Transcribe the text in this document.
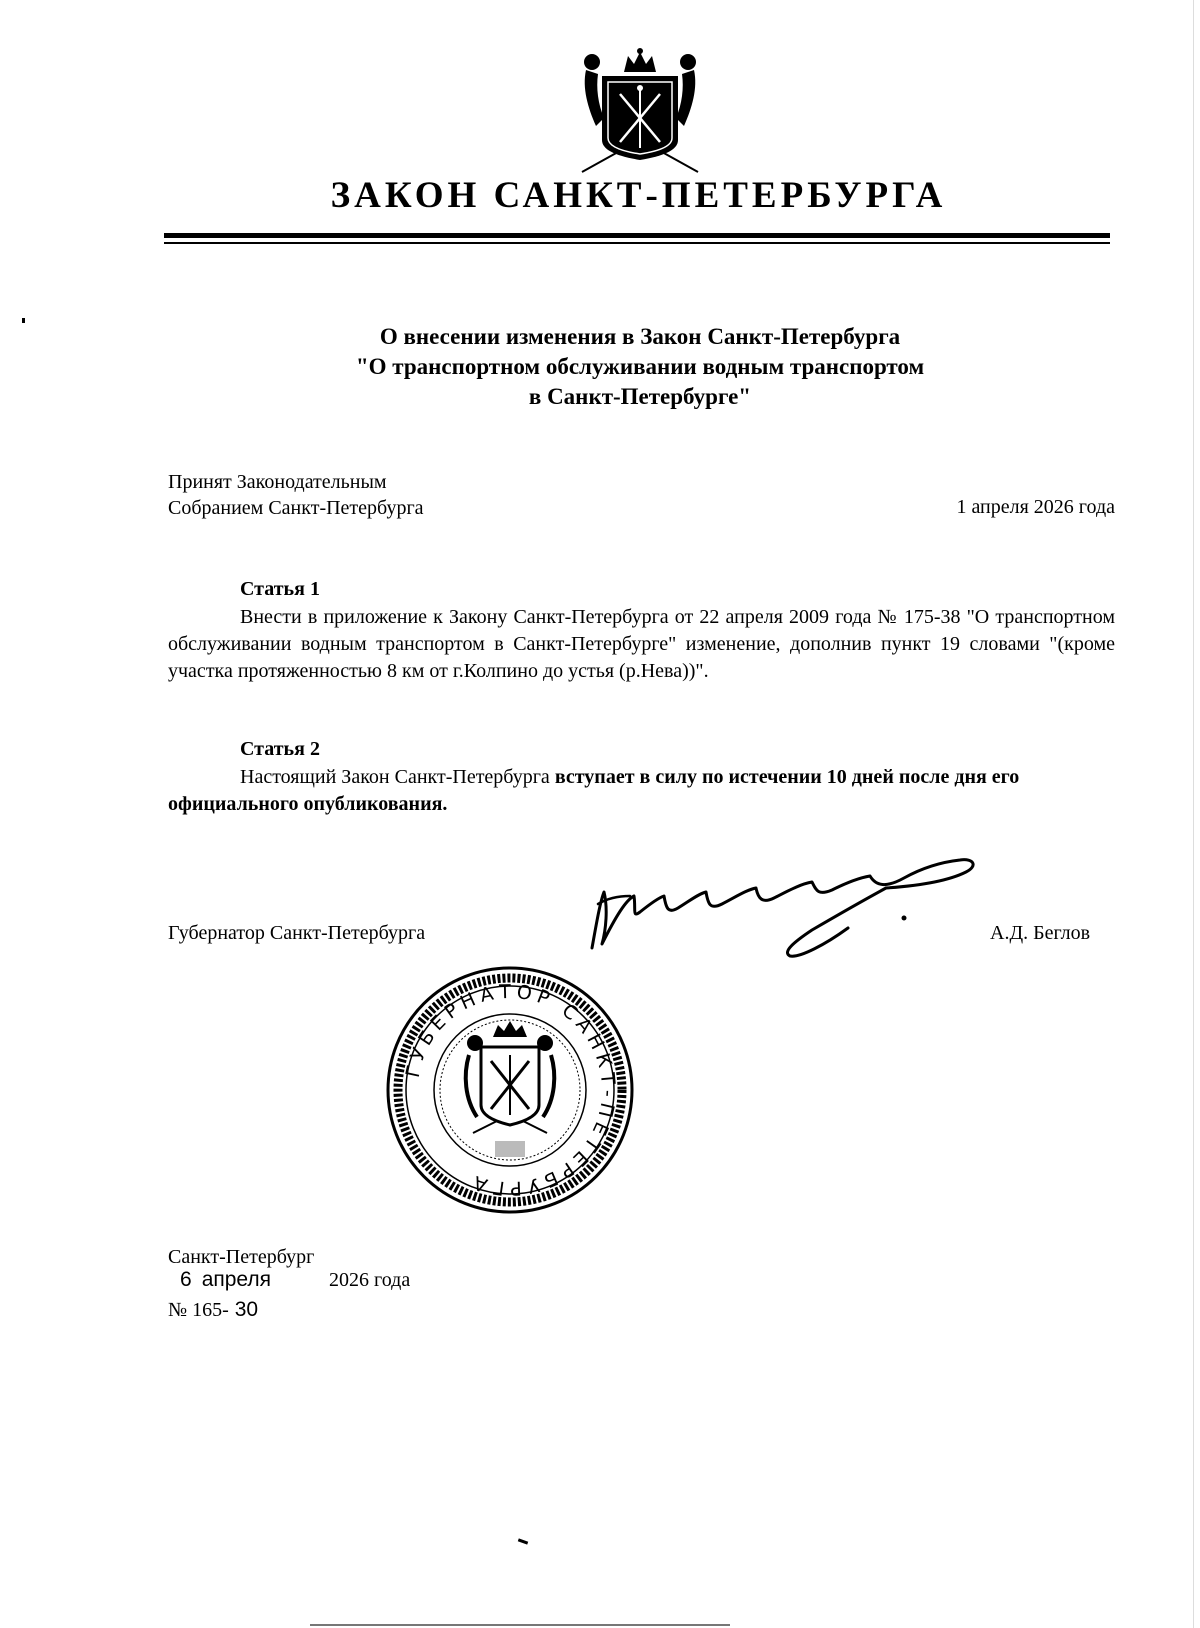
ЗАКОН САНКТ-ПЕТЕРБУРГА
О внесении изменения в Закон Санкт-Петербурга
"О транспортном обслуживании водным транспортом
в Санкт-Петербурге"
Принят Законодательным
Собранием Санкт-Петербурга	1 апреля 2026 года
Статья 1
Внести в приложение к Закону Санкт-Петербурга от 22 апреля 2009 года № 175-38 "О транспортном обслуживании водным транспортом в Санкт-Петербурге" изменение, дополнив пункт 19 словами "(кроме участка протяженностью 8 км от г.Колпино до устья (р.Нева))".
Статья 2
Настоящий Закон Санкт-Петербурга вступает в силу по истечении 10 дней после дня его официального опубликования.
Губернатор Санкт-Петербурга	А.Д. Беглов
ГУБЕРНАТОР САНКТ-ПЕТЕРБУРГА
Санкт-Петербург
6 апреля	2026 года
№ 165- 30
